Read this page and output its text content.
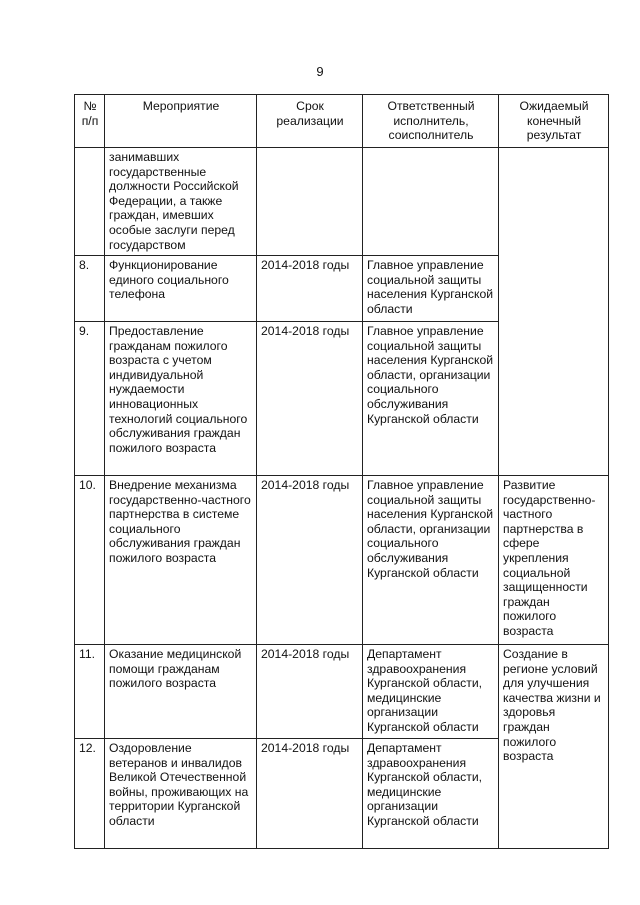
9
№ п/п	Мероприятие	Срок реализации	Ответственный исполнитель, соисполнитель	Ожидаемый конечный результат
	занимавших государственные должности Российской Федерации, а также граждан, имевших особые заслуги перед государством			
8.	Функционирование единого социального телефона	2014-2018 годы	Главное управление социальной защиты населения Курганской области	
9.	Предоставление гражданам пожилого возраста с учетом индивидуальной нуждаемости инновационных технологий социального обслуживания граждан пожилого возраста	2014-2018 годы	Главное управление социальной защиты населения Курганской области, организации социального обслуживания Курганской области	
10.	Внедрение механизма государственно-частного партнерства в системе социального обслуживания граждан пожилого возраста	2014-2018 годы	Главное управление социальной защиты населения Курганской области, организации социального обслуживания Курганской области	Развитие государственно-частного партнерства в сфере укрепления социальной защищенности граждан пожилого возраста
11.	Оказание медицинской помощи гражданам пожилого возраста	2014-2018 годы	Департамент здравоохранения Курганской области, медицинские организации Курганской области	Создание в регионе условий для улучшения качества жизни и здоровья граждан пожилого возраста
12.	Оздоровление ветеранов и инвалидов Великой Отечественной войны, проживающих на территории Курганской области	2014-2018 годы	Департамент здравоохранения Курганской области, медицинские организации Курганской области	
